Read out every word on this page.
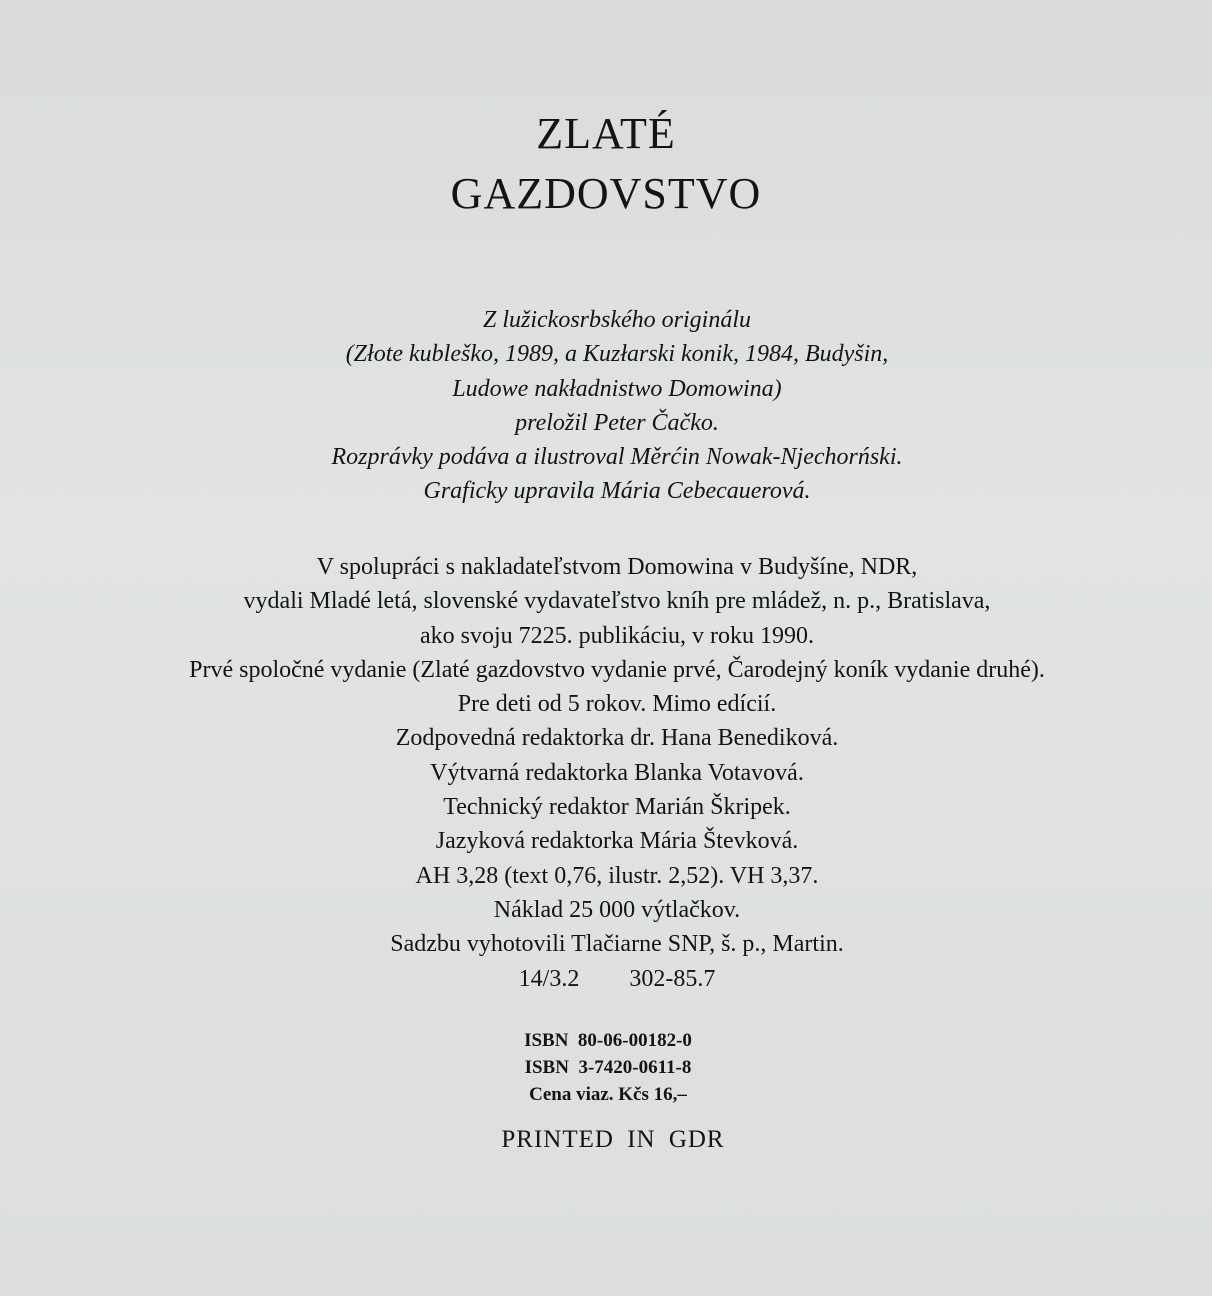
ZLATÉ
GAZDOVSTVO
Z lužickosrbského originálu
(Złote kubleško, 1989, a Kuzłarski konik, 1984, Budyšin,
Ludowe nakładnistwo Domowina)
preložil Peter Čačko.
Rozprávky podáva a ilustroval Měrćin Nowak-Njechorński.
Graficky upravila Mária Cebecauerová.
V spolupráci s nakladateľstvom Domowina v Budyšíne, NDR,
vydali Mladé letá, slovenské vydavateľstvo kníh pre mládež, n. p., Bratislava,
ako svoju 7225. publikáciu, v roku 1990.
Prvé spoločné vydanie (Zlaté gazdovstvo vydanie prvé, Čarodejný koník vydanie druhé).
Pre deti od 5 rokov. Mimo edícií.
Zodpovedná redaktorka dr. Hana Benediková.
Výtvarná redaktorka Blanka Votavová.
Technický redaktor Marián Škripek.
Jazyková redaktorka Mária Števková.
AH 3,28 (text 0,76, ilustr. 2,52). VH 3,37.
Náklad 25 000 výtlačkov.
Sadzbu vyhotovili Tlačiarne SNP, š. p., Martin.
14/3.2 302-85.7
ISBN  80-06-00182-0
ISBN  3-7420-0611-8
Cena viaz. Kčs 16,–
PRINTED IN GDR
